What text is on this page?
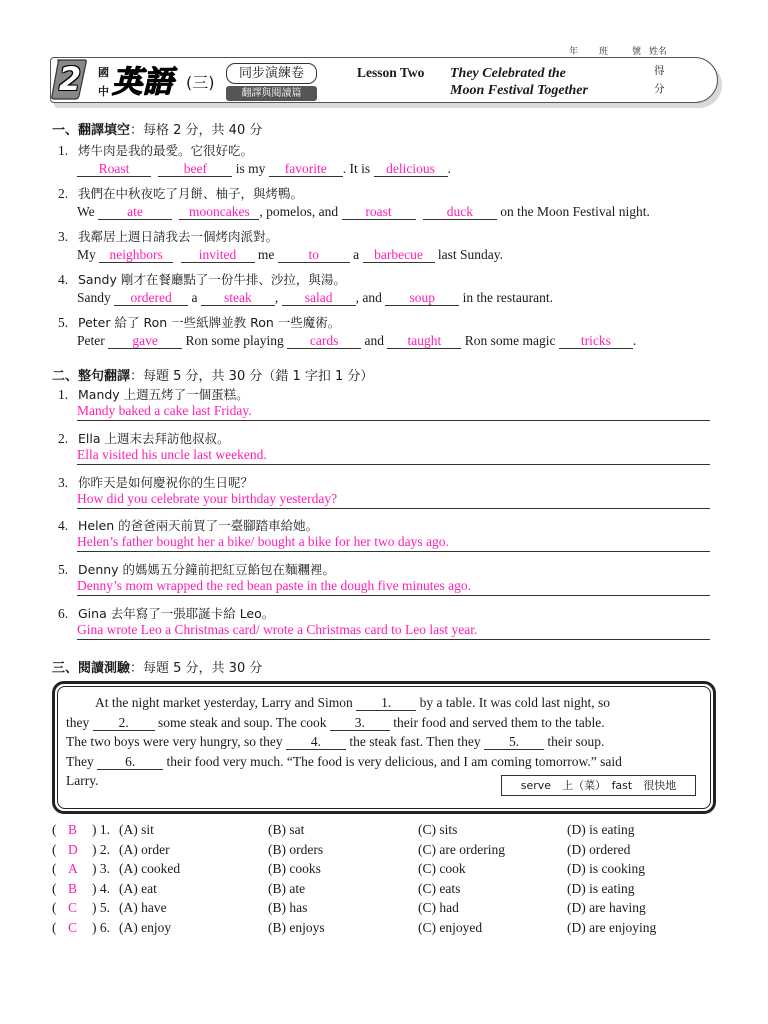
年 班	號 姓名
2	國
中 英語 (三)	同步演練卷
翻譯與閱讀篇
Lesson Two They Celebrated the
Moon Festival Together
得
分
一、翻譯填空：每格 2 分，共 40 分
1. 烤牛肉是我的最愛。它很好吃。
Roast	beef is my favorite . It is delicious .
2. 我們在中秋夜吃了月餅、柚子，與烤鴨。
We ate	mooncakes , pomelos, and roast	duck on the Moon Festival night.
3. 我鄰居上週日請我去一個烤肉派對。
My neighbors	invited me to a barbecue last Sunday.
4. Sandy 剛才在餐廳點了一份牛排、沙拉，與湯。
Sandy ordered a steak , salad , and soup in the restaurant.
5. Peter 給了 Ron 一些紙牌並教 Ron 一些魔術。
Peter gave Ron some playing cards and taught Ron some magic tricks .
二、整句翻譯：每題 5 分，共 30 分（錯 1 字扣 1 分）
1. Mandy 上週五烤了一個蛋糕。
Mandy baked a cake last Friday.
2. Ella 上週末去拜訪他叔叔。
Ella visited his uncle last weekend.
3. 你昨天是如何慶祝你的生日呢？
How did you celebrate your birthday yesterday?
4. Helen 的爸爸兩天前買了一臺腳踏車給她。
Helen’s father bought her a bike/ bought a bike for her two days ago.
5. Denny 的媽媽五分鐘前把紅豆餡包在麵糰裡。
Denny’s mom wrapped the red bean paste in the dough five minutes ago.
6. Gina 去年寫了一張耶誕卡給 Leo。
Gina wrote Leo a Christmas card/ wrote a Christmas card to Leo last year.
三、閱讀測驗：每題 5 分，共 30 分
At the night market yesterday, Larry and Simon 1. by a table. It was cold last night, so
they 2. some steak and soup. The cook 3. their food and served them to the table.
The two boys were very hungry, so they 4. the steak fast. Then they 5. their soup.
They 6. their food very much. “The food is very delicious, and I am coming tomorrow.” said
Larry.	serve　上（菜）　fast　很快地
( B ) 1. (A) sit	(B) sat	(C) sits	(D) is eating
( D ) 2. (A) order	(B) orders	(C) are ordering	(D) ordered
( A ) 3. (A) cooked	(B) cooks	(C) cook	(D) is cooking
( B ) 4. (A) eat	(B) ate	(C) eats	(D) is eating
( C ) 5. (A) have	(B) has	(C) had	(D) are having
( C ) 6. (A) enjoy	(B) enjoys	(C) enjoyed	(D) are enjoying
